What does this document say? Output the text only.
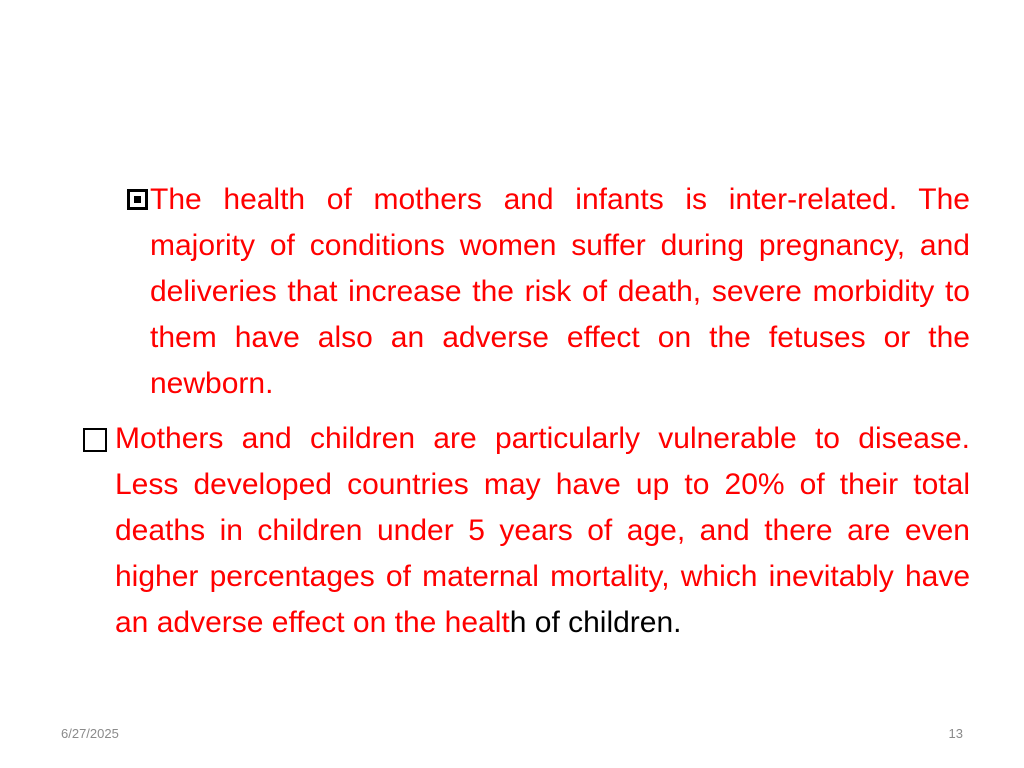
The health of mothers and infants is inter-related. The majority of conditions women suffer during pregnancy, and deliveries that increase the risk of death, severe morbidity to them have also an adverse effect on the fetuses or the newborn.
Mothers and children are particularly vulnerable to disease. Less developed countries may have up to 20% of their total deaths in children under 5 years of age, and there are even higher percentages of maternal mortality, which inevitably have an adverse effect on the health of children.
6/27/2025	13
